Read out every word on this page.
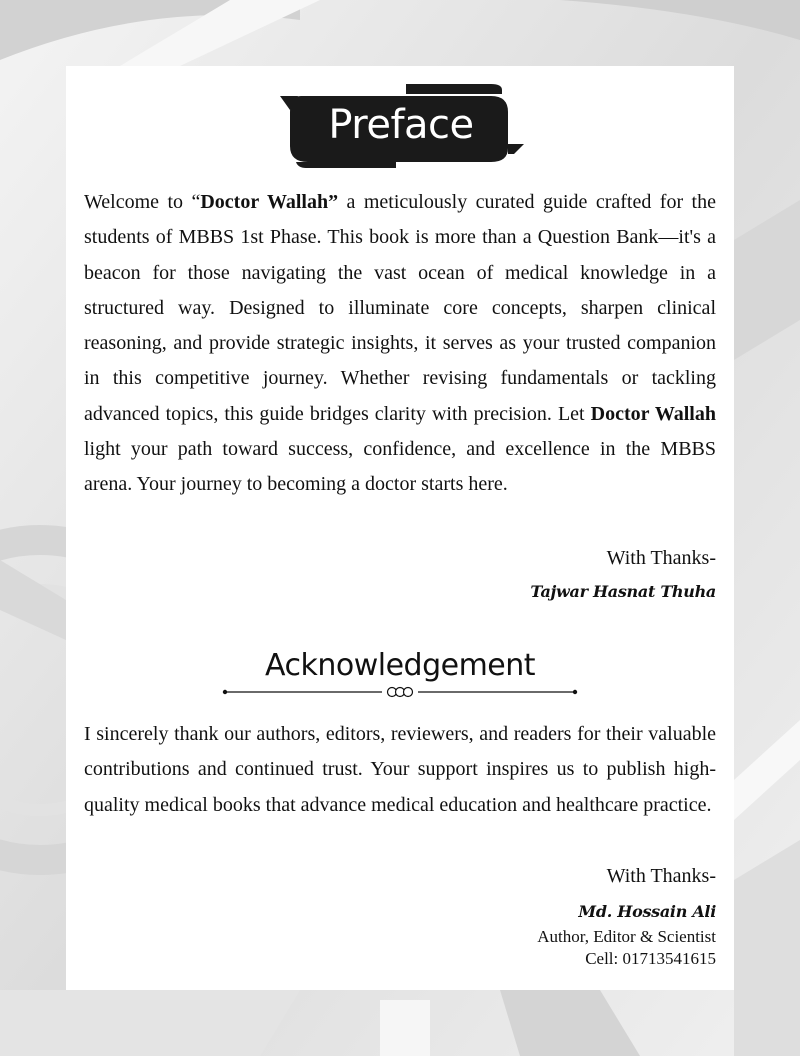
Preface

Welcome to “Doctor Wallah” a meticulously curated guide crafted for the students of MBBS 1st Phase. This book is more than a Question Bank—it's a beacon for those navigating the vast ocean of medical knowledge in a structured way. Designed to illuminate core concepts, sharpen clinical reasoning, and provide strategic insights, it serves as your trusted companion in this competitive journey. Whether revising fundamentals or tackling advanced topics, this guide bridges clarity with precision. Let Doctor Wallah light your path toward success, confidence, and excellence in the MBBS arena. Your journey to becoming a doctor starts here.

With Thanks-
Tajwar Hasnat Thuha
Acknowledgement

I sincerely thank our authors, editors, reviewers, and readers for their valuable contributions and continued trust. Your support inspires us to publish high-quality medical books that advance medical education and healthcare practice.

With Thanks-
Md. Hossain Ali
Author, Editor & Scientist
Cell: 01713541615
